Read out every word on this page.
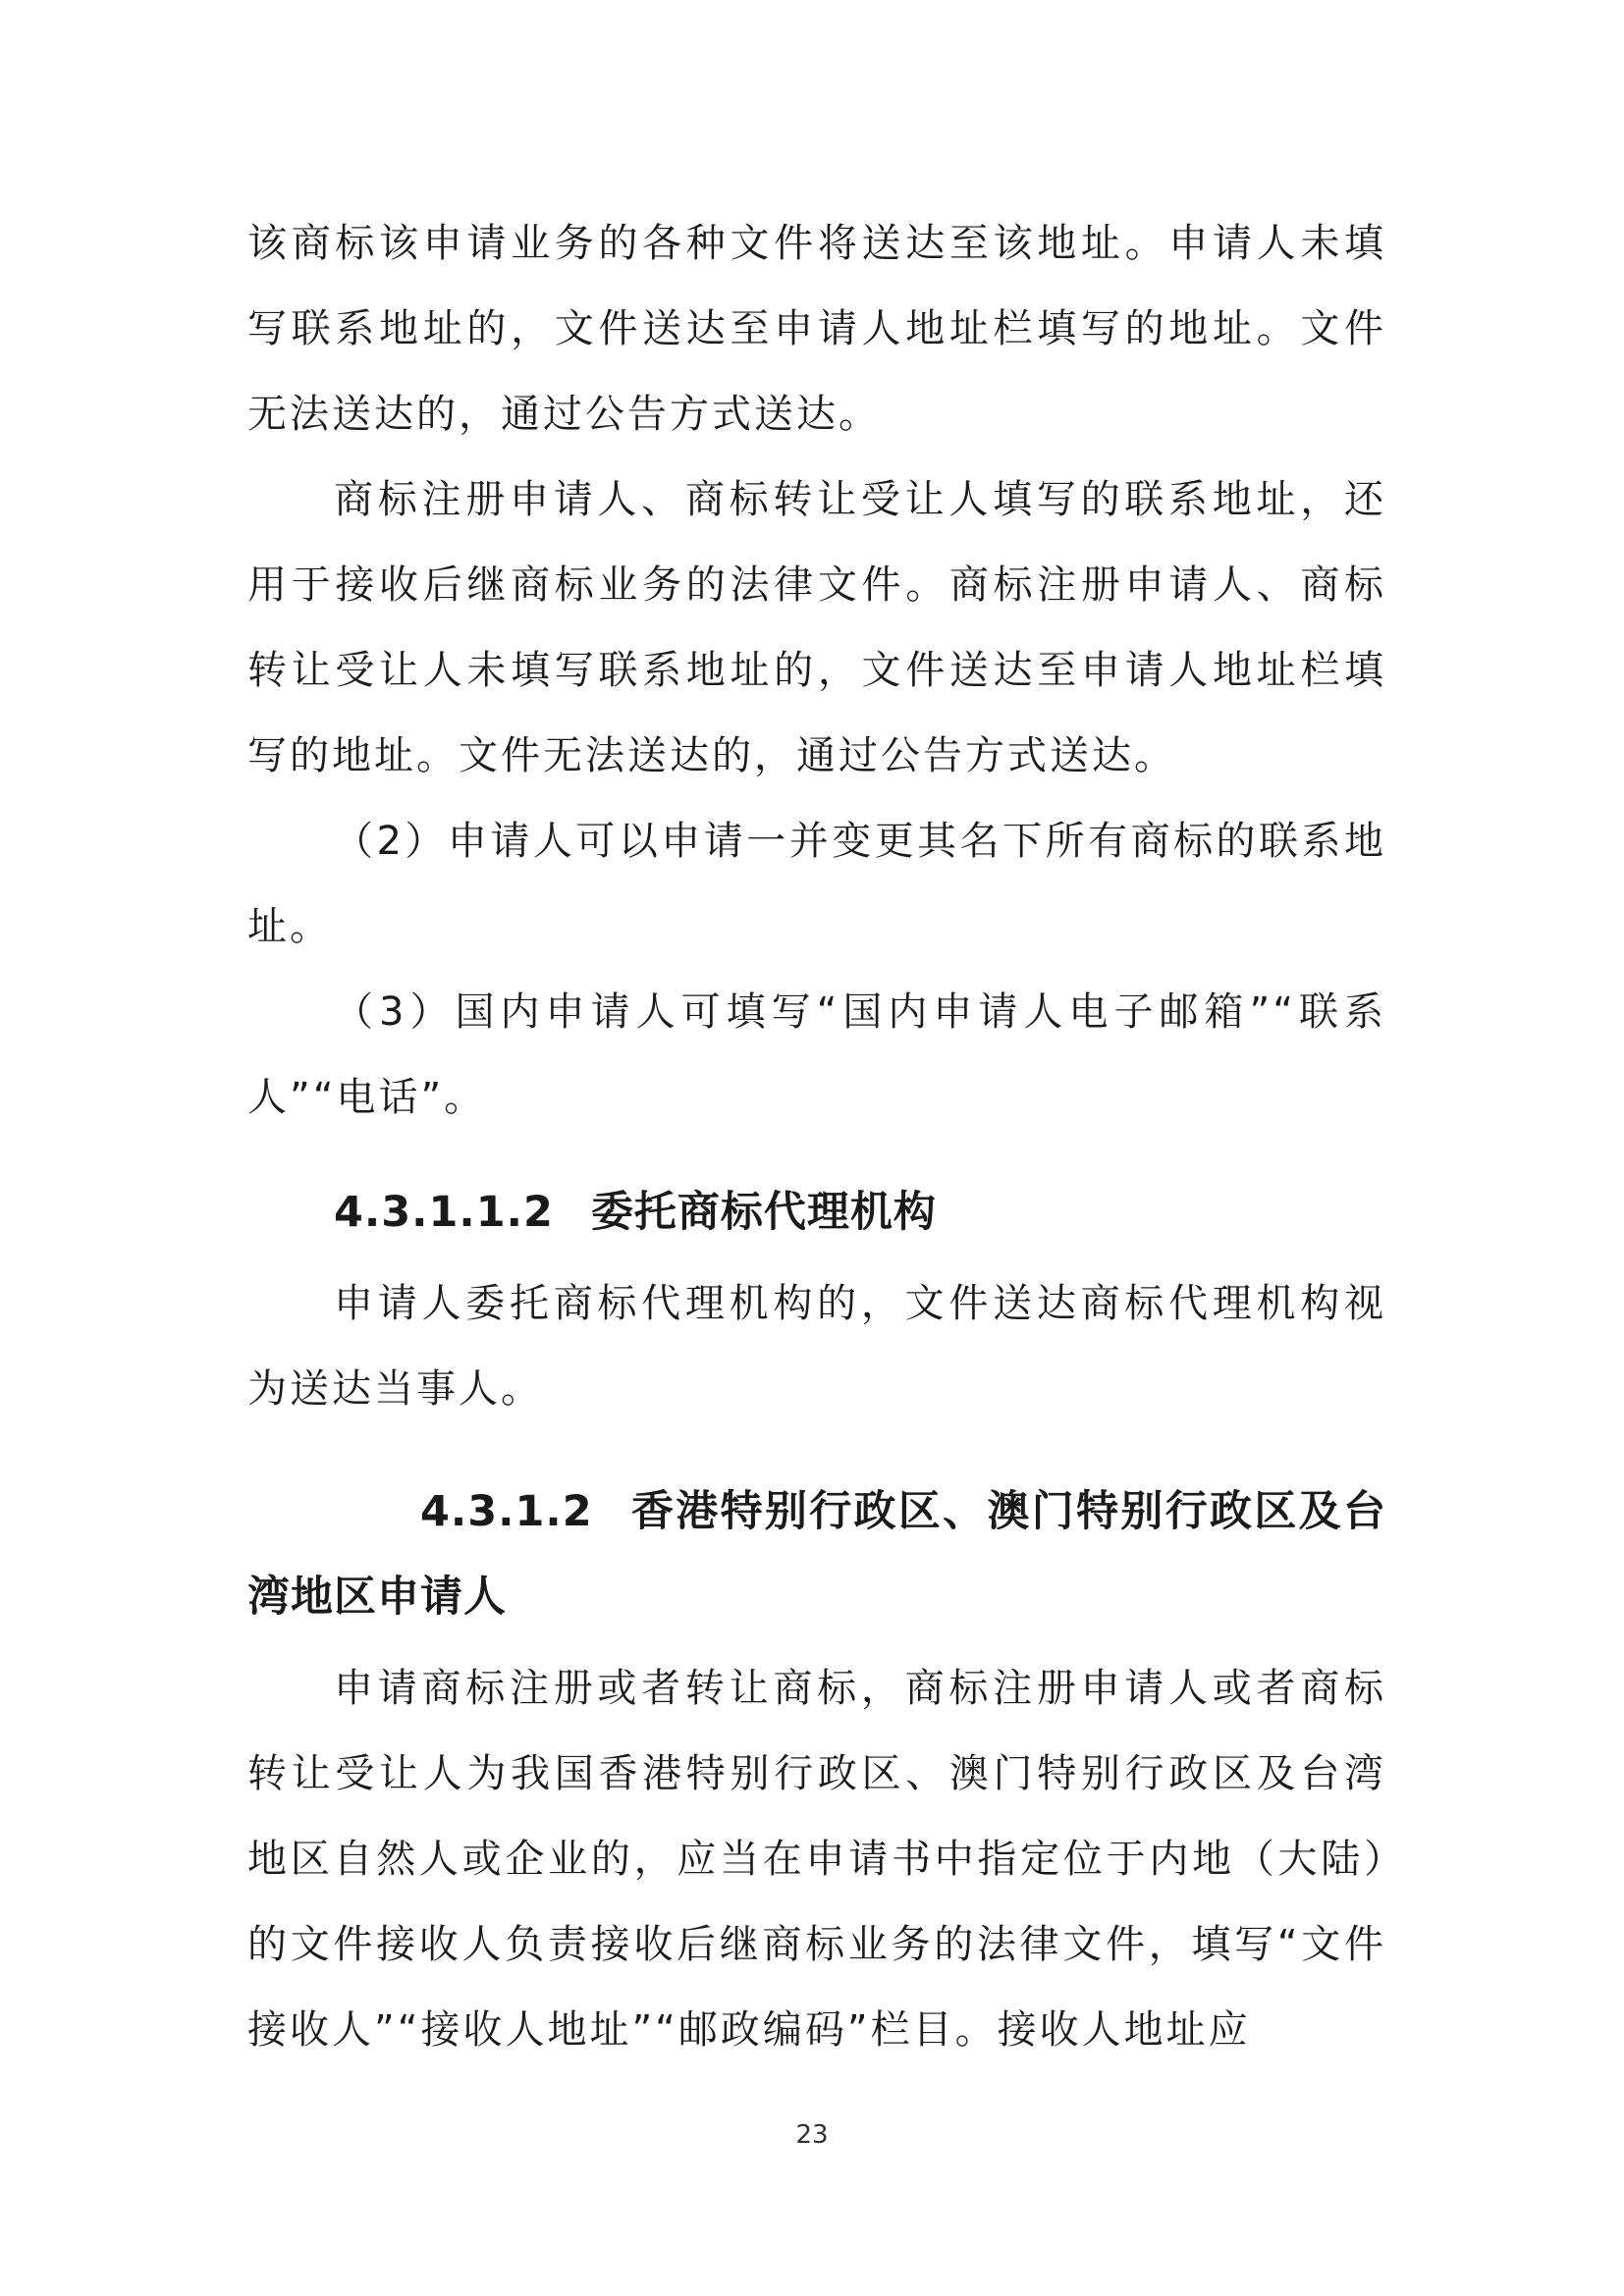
该商标该申请业务的各种文件将送达至该地址。申请人未填写联系地址的，文件送达至申请人地址栏填写的地址。文件无法送达的，通过公告方式送达。

商标注册申请人、商标转让受让人填写的联系地址，还用于接收后继商标业务的法律文件。商标注册申请人、商标转让受让人未填写联系地址的，文件送达至申请人地址栏填写的地址。文件无法送达的，通过公告方式送达。

（2）申请人可以申请一并变更其名下所有商标的联系地址。

（3）国内申请人可填写“国内申请人电子邮箱”“联系人”“电话”。

4.3.1.1.2 委托商标代理机构

申请人委托商标代理机构的，文件送达商标代理机构视为送达当事人。

4.3.1.2 香港特别行政区、澳门特别行政区及台湾地区申请人

申请商标注册或者转让商标，商标注册申请人或者商标转让受让人为我国香港特别行政区、澳门特别行政区及台湾地区自然人或企业的，应当在申请书中指定位于内地（大陆）的文件接收人负责接收后继商标业务的法律文件，填写“文件接收人”“接收人地址”“邮政编码”栏目。接收人地址应

23
